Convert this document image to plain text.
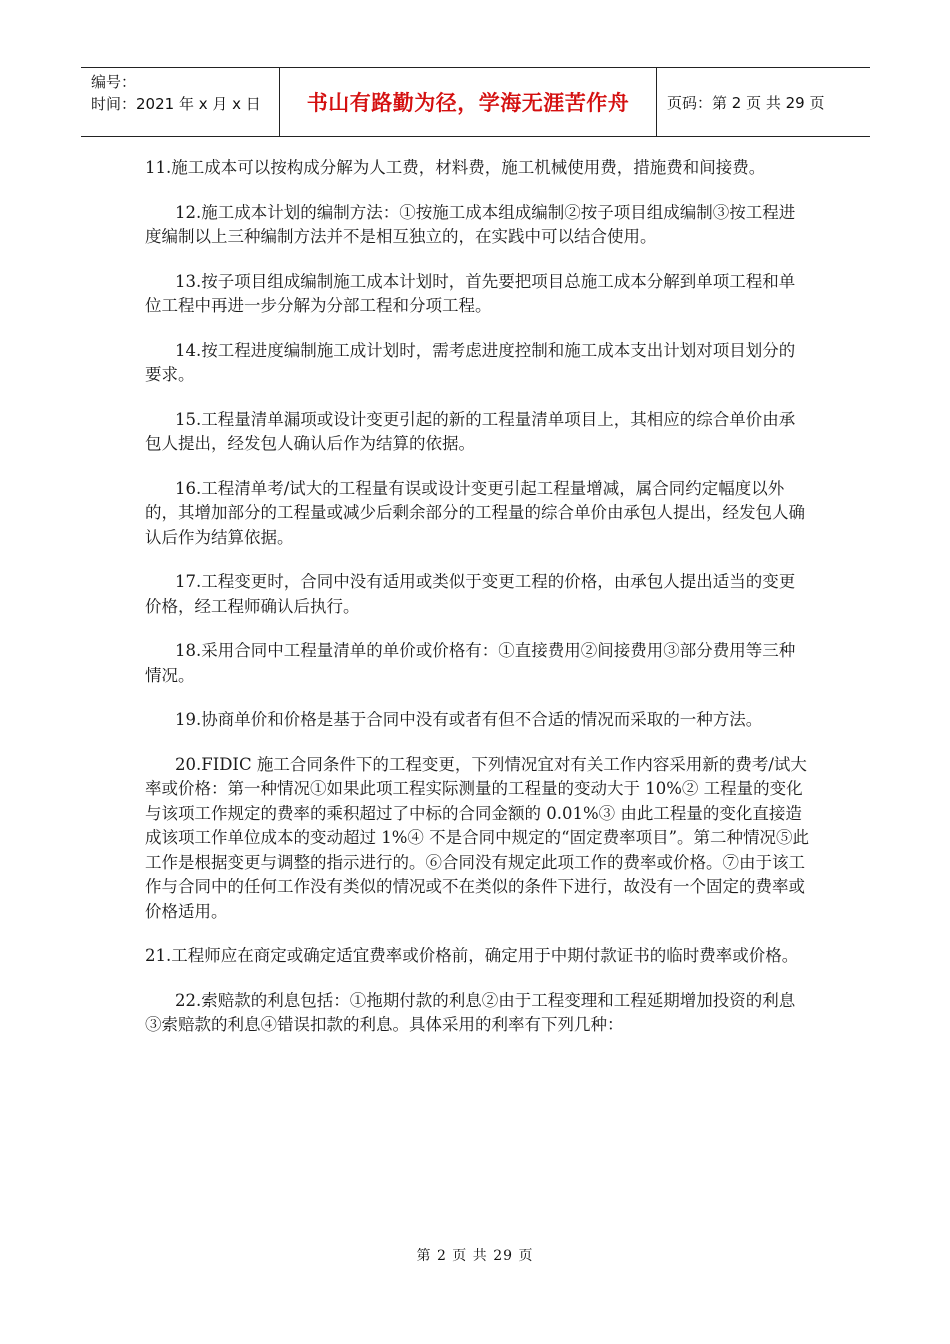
编号：
时间：2021 年 x 月 x 日	书山有路勤为径，学海无涯苦作舟	页码：第 2 页 共 29 页

11.施工成本可以按构成分解为人工费，材料费，施工机械使用费，措施费和间接费。

12.施工成本计划的编制方法：①按施工成本组成编制②按子项目组成编制③按工程进度编制以上三种编制方法并不是相互独立的，在实践中可以结合使用。

13.按子项目组成编制施工成本计划时，首先要把项目总施工成本分解到单项工程和单位工程中再进一步分解为分部工程和分项工程。

14.按工程进度编制施工成计划时，需考虑进度控制和施工成本支出计划对项目划分的要求。

15.工程量清单漏项或设计变更引起的新的工程量清单项目上，其相应的综合单价由承包人提出，经发包人确认后作为结算的依据。

16.工程清单考/试大的工程量有误或设计变更引起工程量增减，属合同约定幅度以外的，其增加部分的工程量或减少后剩余部分的工程量的综合单价由承包人提出，经发包人确认后作为结算依据。

17.工程变更时，合同中没有适用或类似于变更工程的价格，由承包人提出适当的变更价格，经工程师确认后执行。

18.采用合同中工程量清单的单价或价格有：①直接费用②间接费用③部分费用等三种情况。

19.协商单价和价格是基于合同中没有或者有但不合适的情况而采取的一种方法。

20.FIDIC 施工合同条件下的工程变更，下列情况宜对有关工作内容采用新的费考/试大率或价格：第一种情况①如果此项工程实际测量的工程量的变动大于 10%② 工程量的变化与该项工作规定的费率的乘积超过了中标的合同金额的 0.01%③ 由此工程量的变化直接造成该项工作单位成本的变动超过 1%④ 不是合同中规定的“固定费率项目”。第二种情况⑤此工作是根据变更与调整的指示进行的。⑥合同没有规定此项工作的费率或价格。⑦由于该工作与合同中的任何工作没有类似的情况或不在类似的条件下进行，故没有一个固定的费率或价格适用。

21.工程师应在商定或确定适宜费率或价格前，确定用于中期付款证书的临时费率或价格。

22.索赔款的利息包括：①拖期付款的利息②由于工程变理和工程延期增加投资的利息③索赔款的利息④错误扣款的利息。具体采用的利率有下列几种：

第 2 页 共 29 页
